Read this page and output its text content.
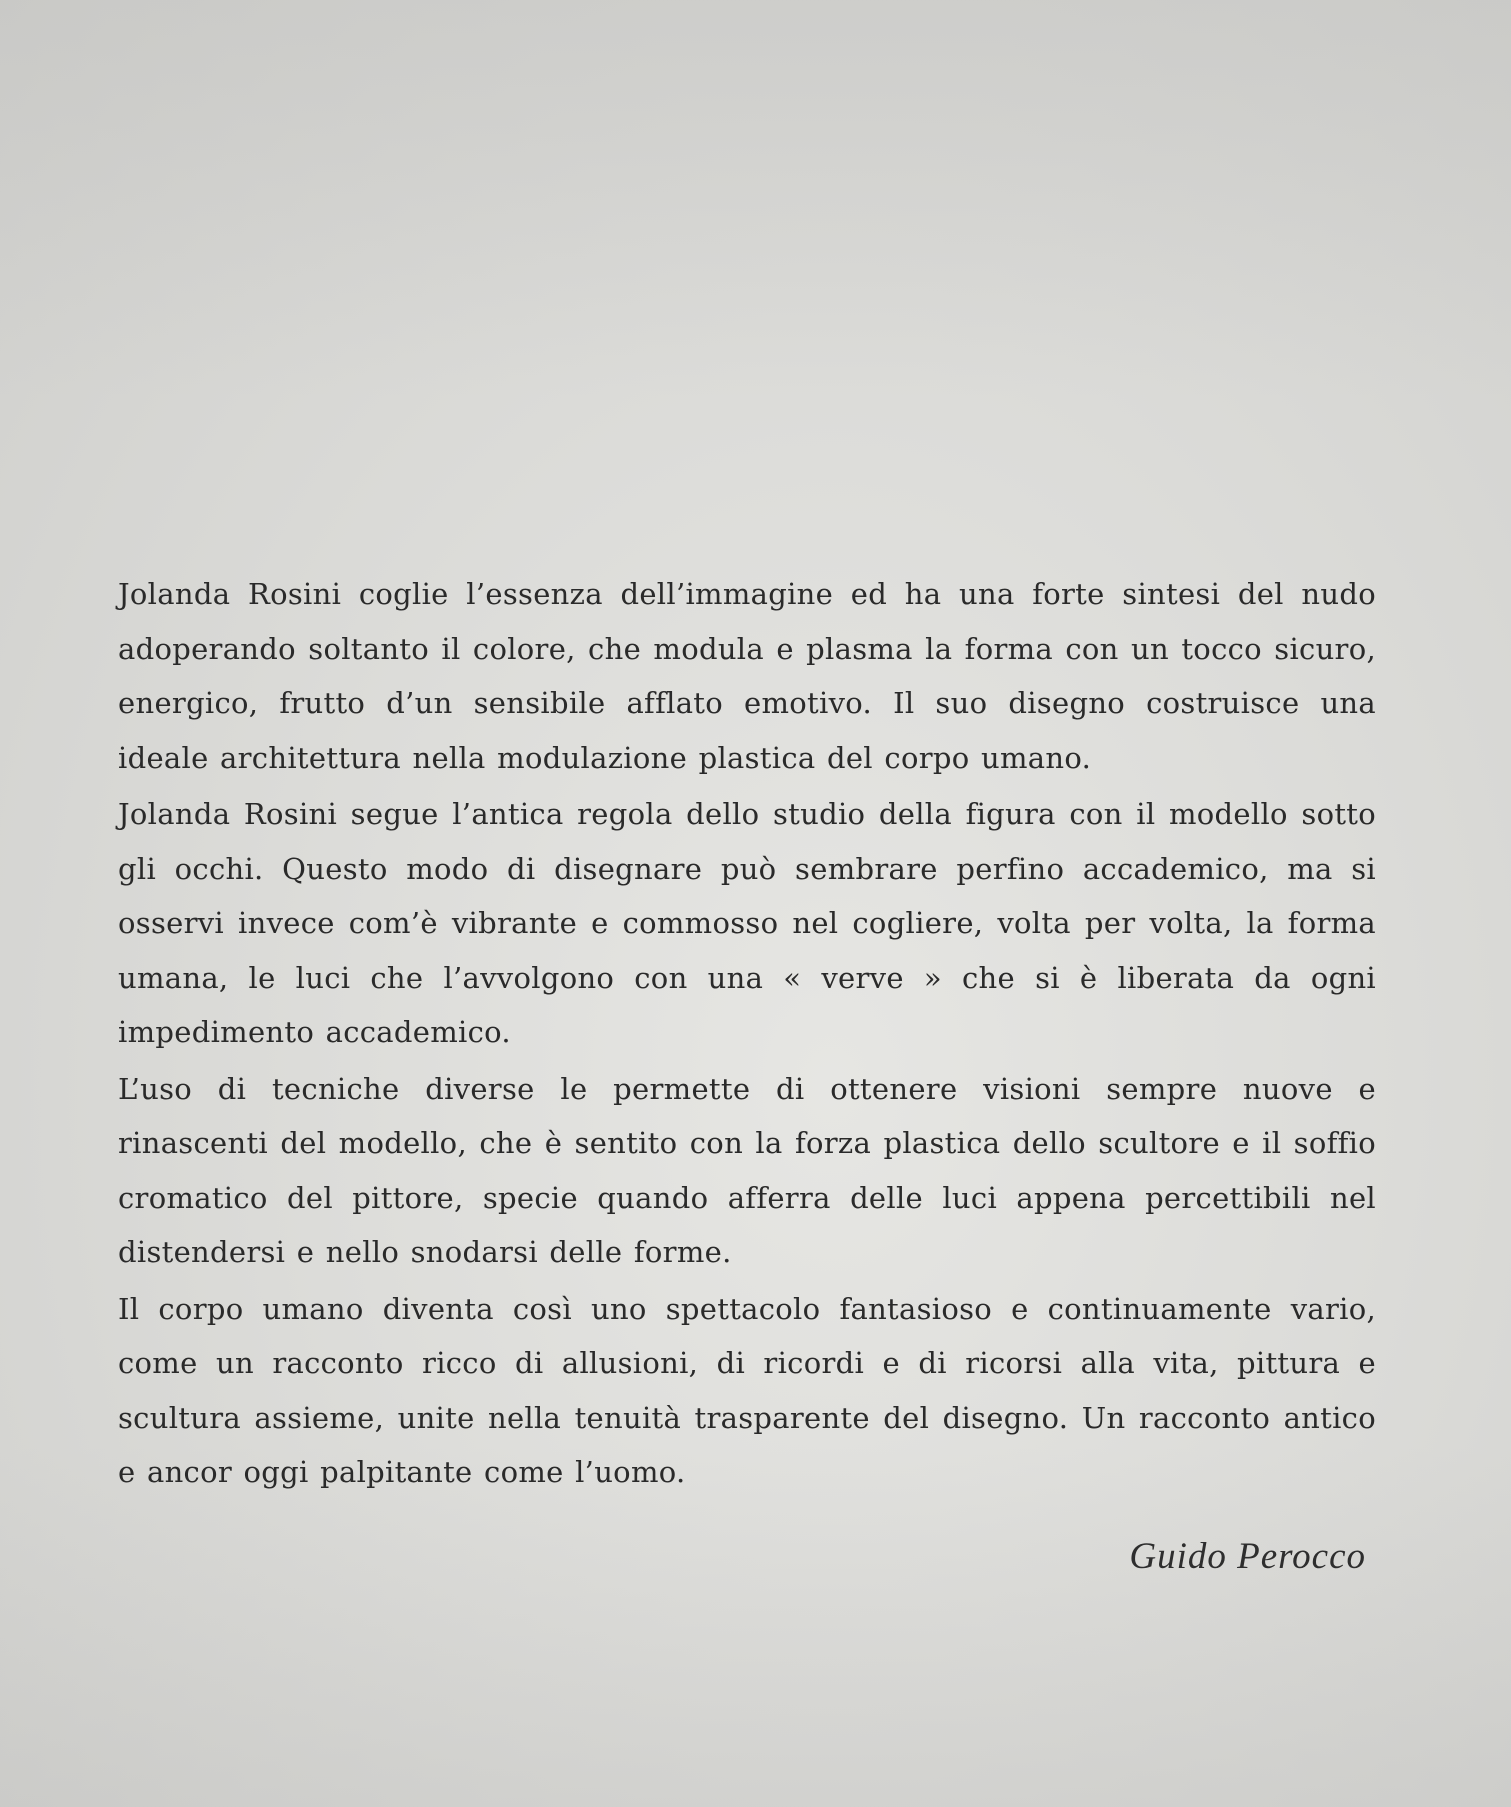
Jolanda Rosini coglie l’essenza dell’immagine ed ha una forte sintesi del nudo adoperando soltanto il colore, che modula e plasma la forma con un tocco sicuro, energico, frutto d’un sensibile afflato emotivo. Il suo disegno costruisce una ideale architettura nella modulazione plastica del corpo umano.

Jolanda Rosini segue l’antica regola dello studio della figura con il modello sotto gli occhi. Questo modo di disegnare può sembrare perfino accademico, ma si osservi invece com’è vibrante e commosso nel cogliere, volta per volta, la forma umana, le luci che l’avvolgono con una « verve » che si è liberata da ogni impedimento accademico.

L’uso di tecniche diverse le permette di ottenere visioni sempre nuove e rinascenti del modello, che è sentito con la forza plastica dello scultore e il soffio cromatico del pittore, specie quando afferra delle luci appena percettibili nel distendersi e nello snodarsi delle forme.

Il corpo umano diventa così uno spettacolo fantasioso e continuamente vario, come un racconto ricco di allusioni, di ricordi e di ricorsi alla vita, pittura e scultura assieme, unite nella tenuità trasparente del disegno. Un racconto antico e ancor oggi palpitante come l’uomo.

Guido Perocco
